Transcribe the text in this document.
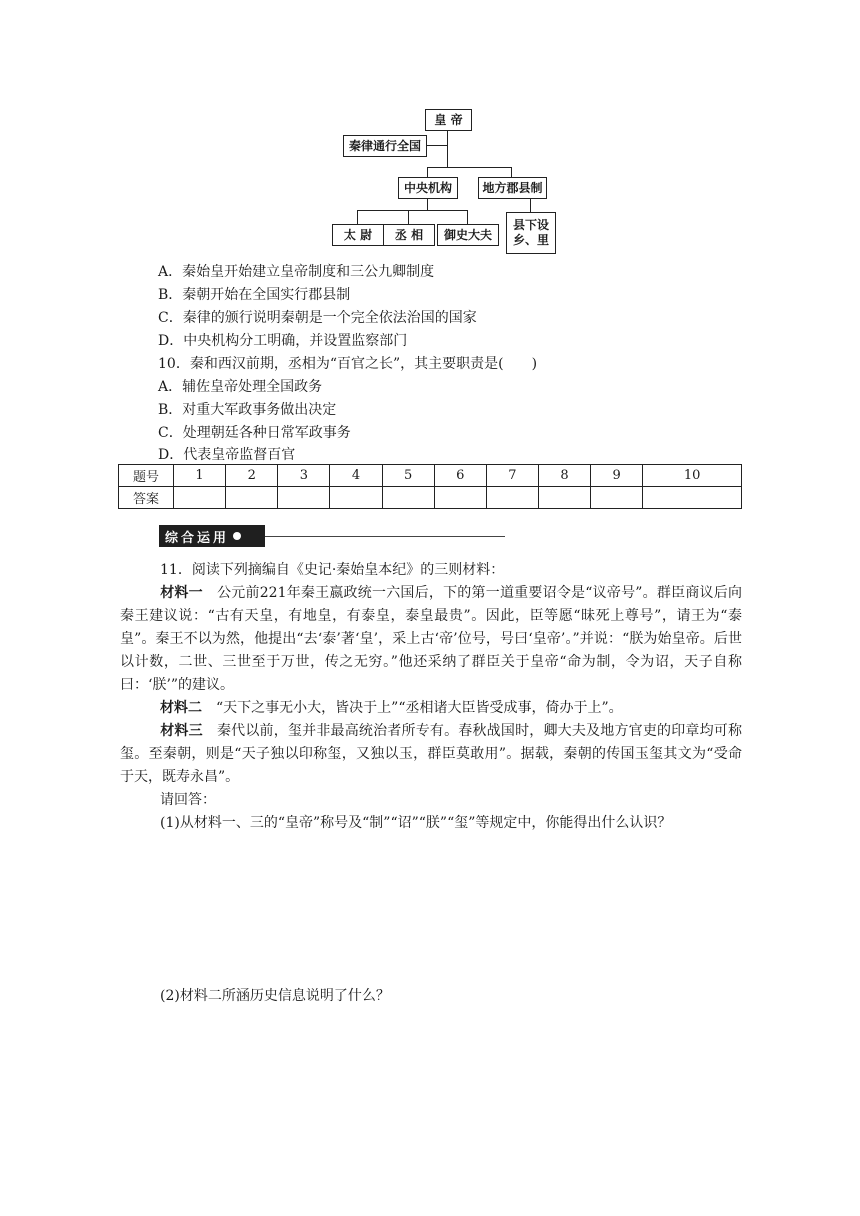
皇 帝
秦律通行全国
中央机构	地方郡县制
太 尉	丞 相	御史大夫
县下设
乡、里
A．秦始皇开始建立皇帝制度和三公九卿制度
B．秦朝开始在全国实行郡县制
C．秦律的颁行说明秦朝是一个完全依法治国的国家
D．中央机构分工明确，并设置监察部门
10．秦和西汉前期，丞相为“百官之长”，其主要职责是(　　)
A．辅佐皇帝处理全国政务
B．对重大军政事务做出决定
C．处理朝廷各种日常军政事务
D．代表皇帝监督百官
题号	1	2	3	4	5	6	7	8	9	10
答案										
综合运用
11．阅读下列摘编自《史记·秦始皇本纪》的三则材料：
材料一　公元前221年秦王嬴政统一六国后，下的第一道重要诏令是“议帝号”。群臣商议后向秦王建议说：“古有天皇，有地皇，有泰皇，泰皇最贵”。因此，臣等愿“昧死上尊号”，请王为“泰皇”。秦王不以为然，他提出“去‘泰’著‘皇’，采上古‘帝’位号，号曰‘皇帝’。”并说：“朕为始皇帝。后世以计数，二世、三世至于万世，传之无穷。”他还采纳了群臣关于皇帝“命为制，令为诏，天子自称曰：‘朕’”的建议。
材料二　“天下之事无小大，皆决于上”“丞相诸大臣皆受成事，倚办于上”。
材料三　秦代以前，玺并非最高统治者所专有。春秋战国时，卿大夫及地方官吏的印章均可称玺。至秦朝，则是“天子独以印称玺，又独以玉，群臣莫敢用”。据载，秦朝的传国玉玺其文为“受命于天，既寿永昌”。
请回答：
(1)从材料一、三的“皇帝”称号及“制”“诏”“朕”“玺”等规定中，你能得出什么认识？
(2)材料二所涵历史信息说明了什么？
